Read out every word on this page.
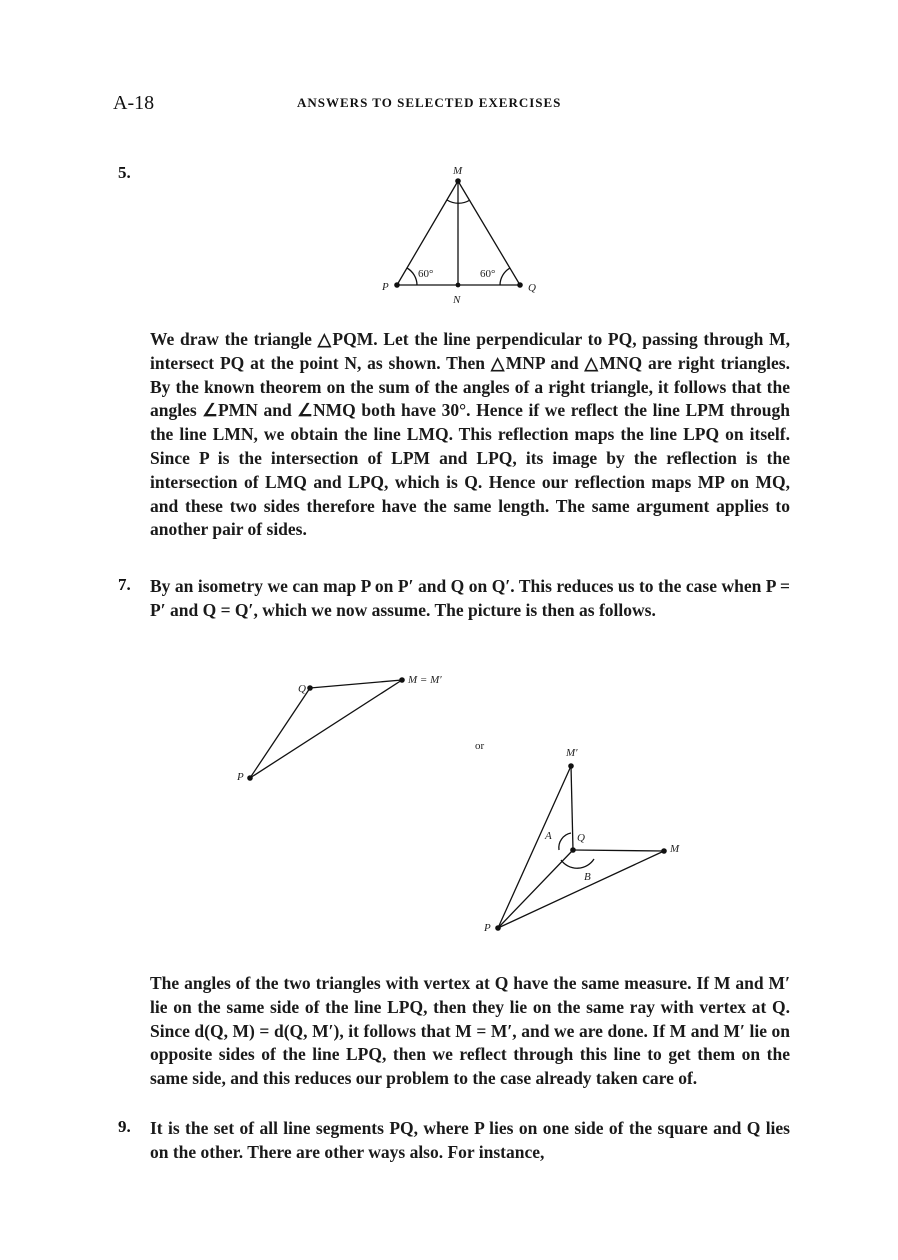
A-18	ANSWERS TO SELECTED EXERCISES
5.	M
P	Q
N
60°	60°
We draw the triangle △PQM. Let the line perpendicular to PQ, passing through M, intersect PQ at the point N, as shown. Then △MNP and △MNQ are right triangles. By the known theorem on the sum of the angles of a right triangle, it follows that the angles ∠PMN and ∠NMQ both have 30°. Hence if we reflect the line LPM through the line LMN, we obtain the line LMQ. This reflection maps the line LPQ on itself. Since P is the intersection of LPM and LPQ, its image by the reflection is the intersection of LMQ and LPQ, which is Q. Hence our reflection maps MP on MQ, and these two sides therefore have the same length. The same argument applies to another pair of sides.
7. By an isometry we can map P on P′ and Q on Q′. This reduces us to the case when P = P′ and Q = Q′, which we now assume. The picture is then as follows.
Q
P
M = M′
or
M′
A Q
M
B
P
The angles of the two triangles with vertex at Q have the same measure. If M and M′ lie on the same side of the line LPQ, then they lie on the same ray with vertex at Q. Since d(Q, M) = d(Q, M′), it follows that M = M′, and we are done. If M and M′ lie on opposite sides of the line LPQ, then we reflect through this line to get them on the same side, and this reduces our problem to the case already taken care of.
9. It is the set of all line segments PQ, where P lies on one side of the square and Q lies on the other. There are other ways also. For instance,
